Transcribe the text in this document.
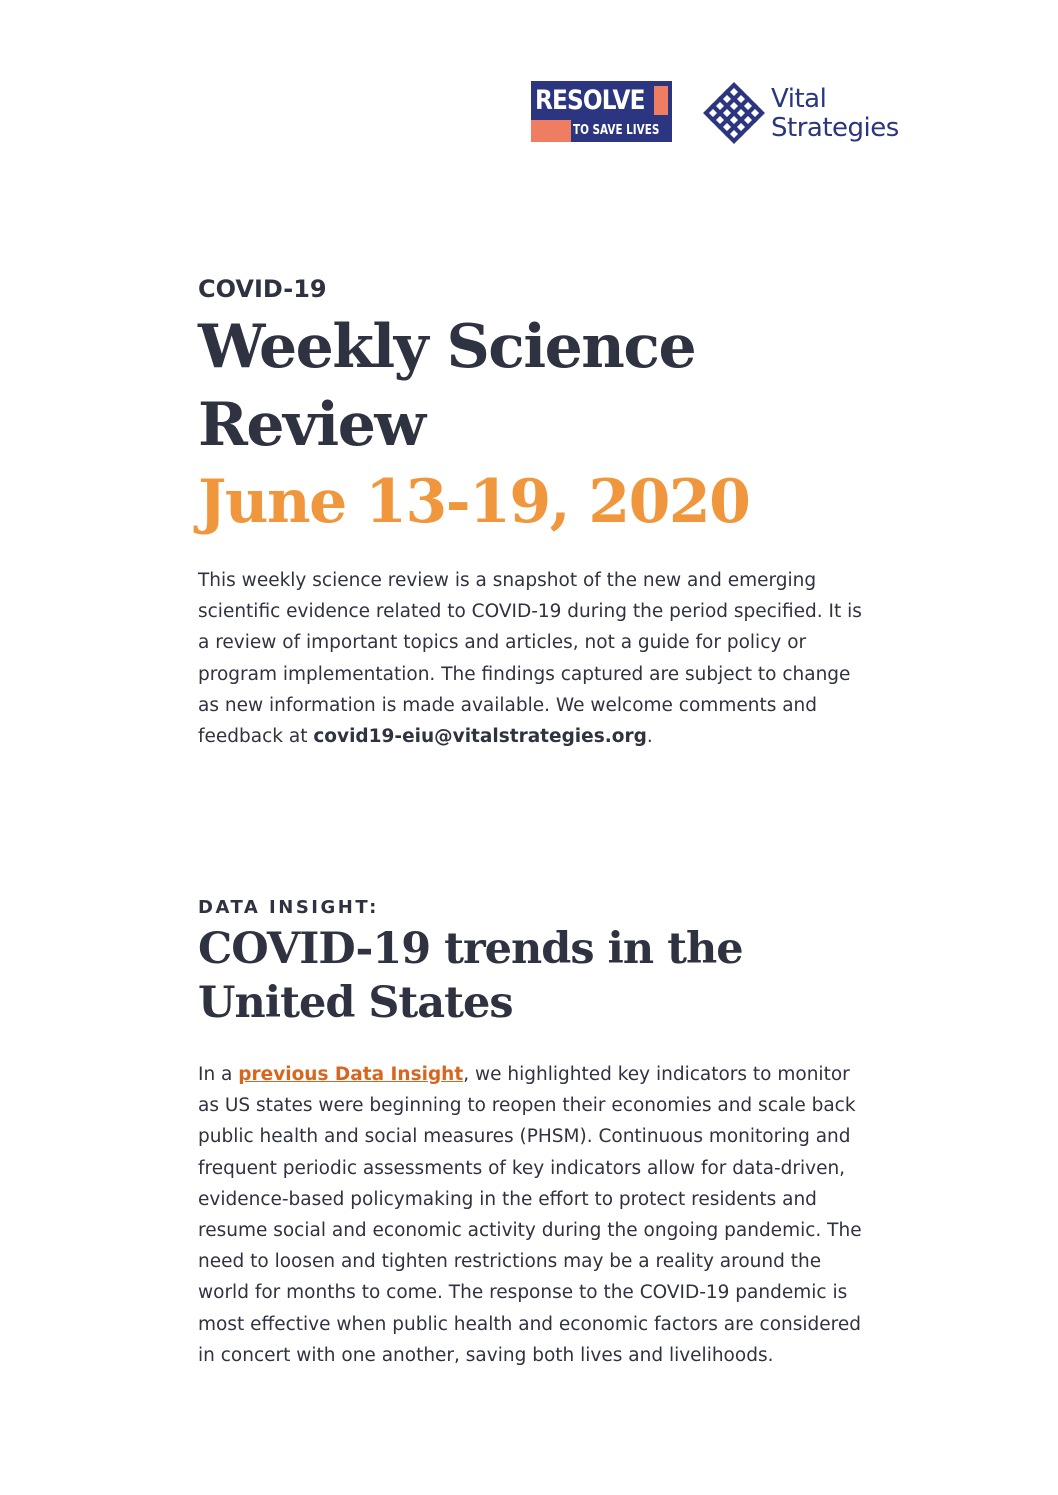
RESOLVE
TO SAVE LIVES
Vital
Strategies
COVID-19
Weekly Science
Review
June 13-19, 2020
This weekly science review is a snapshot of the new and emerging scientific evidence related to COVID-19 during the period specified. It is a review of important topics and articles, not a guide for policy or program implementation. The findings captured are subject to change as new information is made available. We welcome comments and feedback at covid19-eiu@vitalstrategies.org.
DATA INSIGHT:
COVID-19 trends in the United States
In a previous Data Insight, we highlighted key indicators to monitor as US states were beginning to reopen their economies and scale back public health and social measures (PHSM). Continuous monitoring and frequent periodic assessments of key indicators allow for data-driven, evidence-based policymaking in the effort to protect residents and resume social and economic activity during the ongoing pandemic. The need to loosen and tighten restrictions may be a reality around the world for months to come. The response to the COVID-19 pandemic is most effective when public health and economic factors are considered in concert with one another, saving both lives and livelihoods.
